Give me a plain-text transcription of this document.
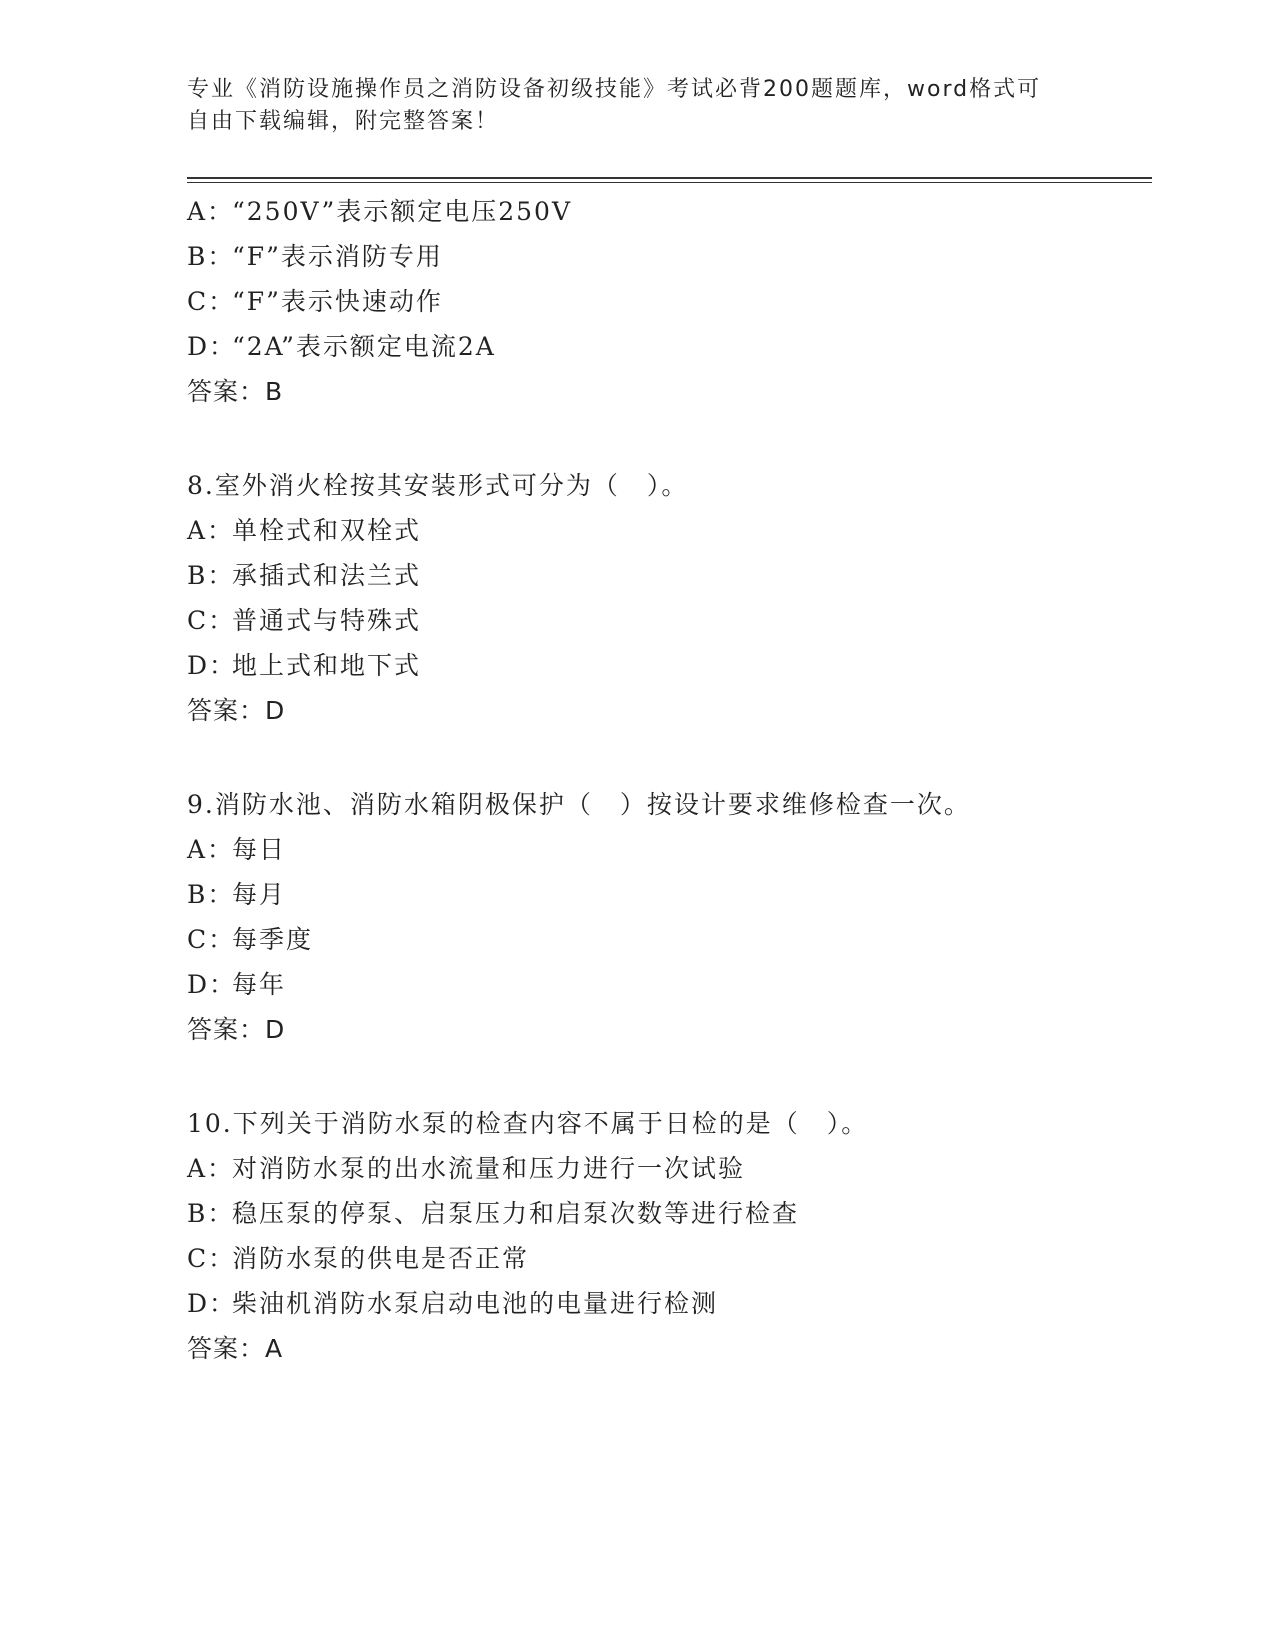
专业《消防设施操作员之消防设备初级技能》考试必背200题题库，word格式可

自由下载编辑，附完整答案！

A：“250V”表示额定电压250V
B：“F”表示消防专用
C：“F”表示快速动作
D：“2A”表示额定电流2A
答案：B
8.室外消火栓按其安装形式可分为（　）。
A：单栓式和双栓式
B：承插式和法兰式
C：普通式与特殊式
D：地上式和地下式
答案：D
9.消防水池、消防水箱阴极保护（　）按设计要求维修检查一次。
A：每日
B：每月
C：每季度
D：每年
答案：D
10.下列关于消防水泵的检查内容不属于日检的是（　）。
A：对消防水泵的出水流量和压力进行一次试验
B：稳压泵的停泵、启泵压力和启泵次数等进行检查
C：消防水泵的供电是否正常
D：柴油机消防水泵启动电池的电量进行检测
答案：A
